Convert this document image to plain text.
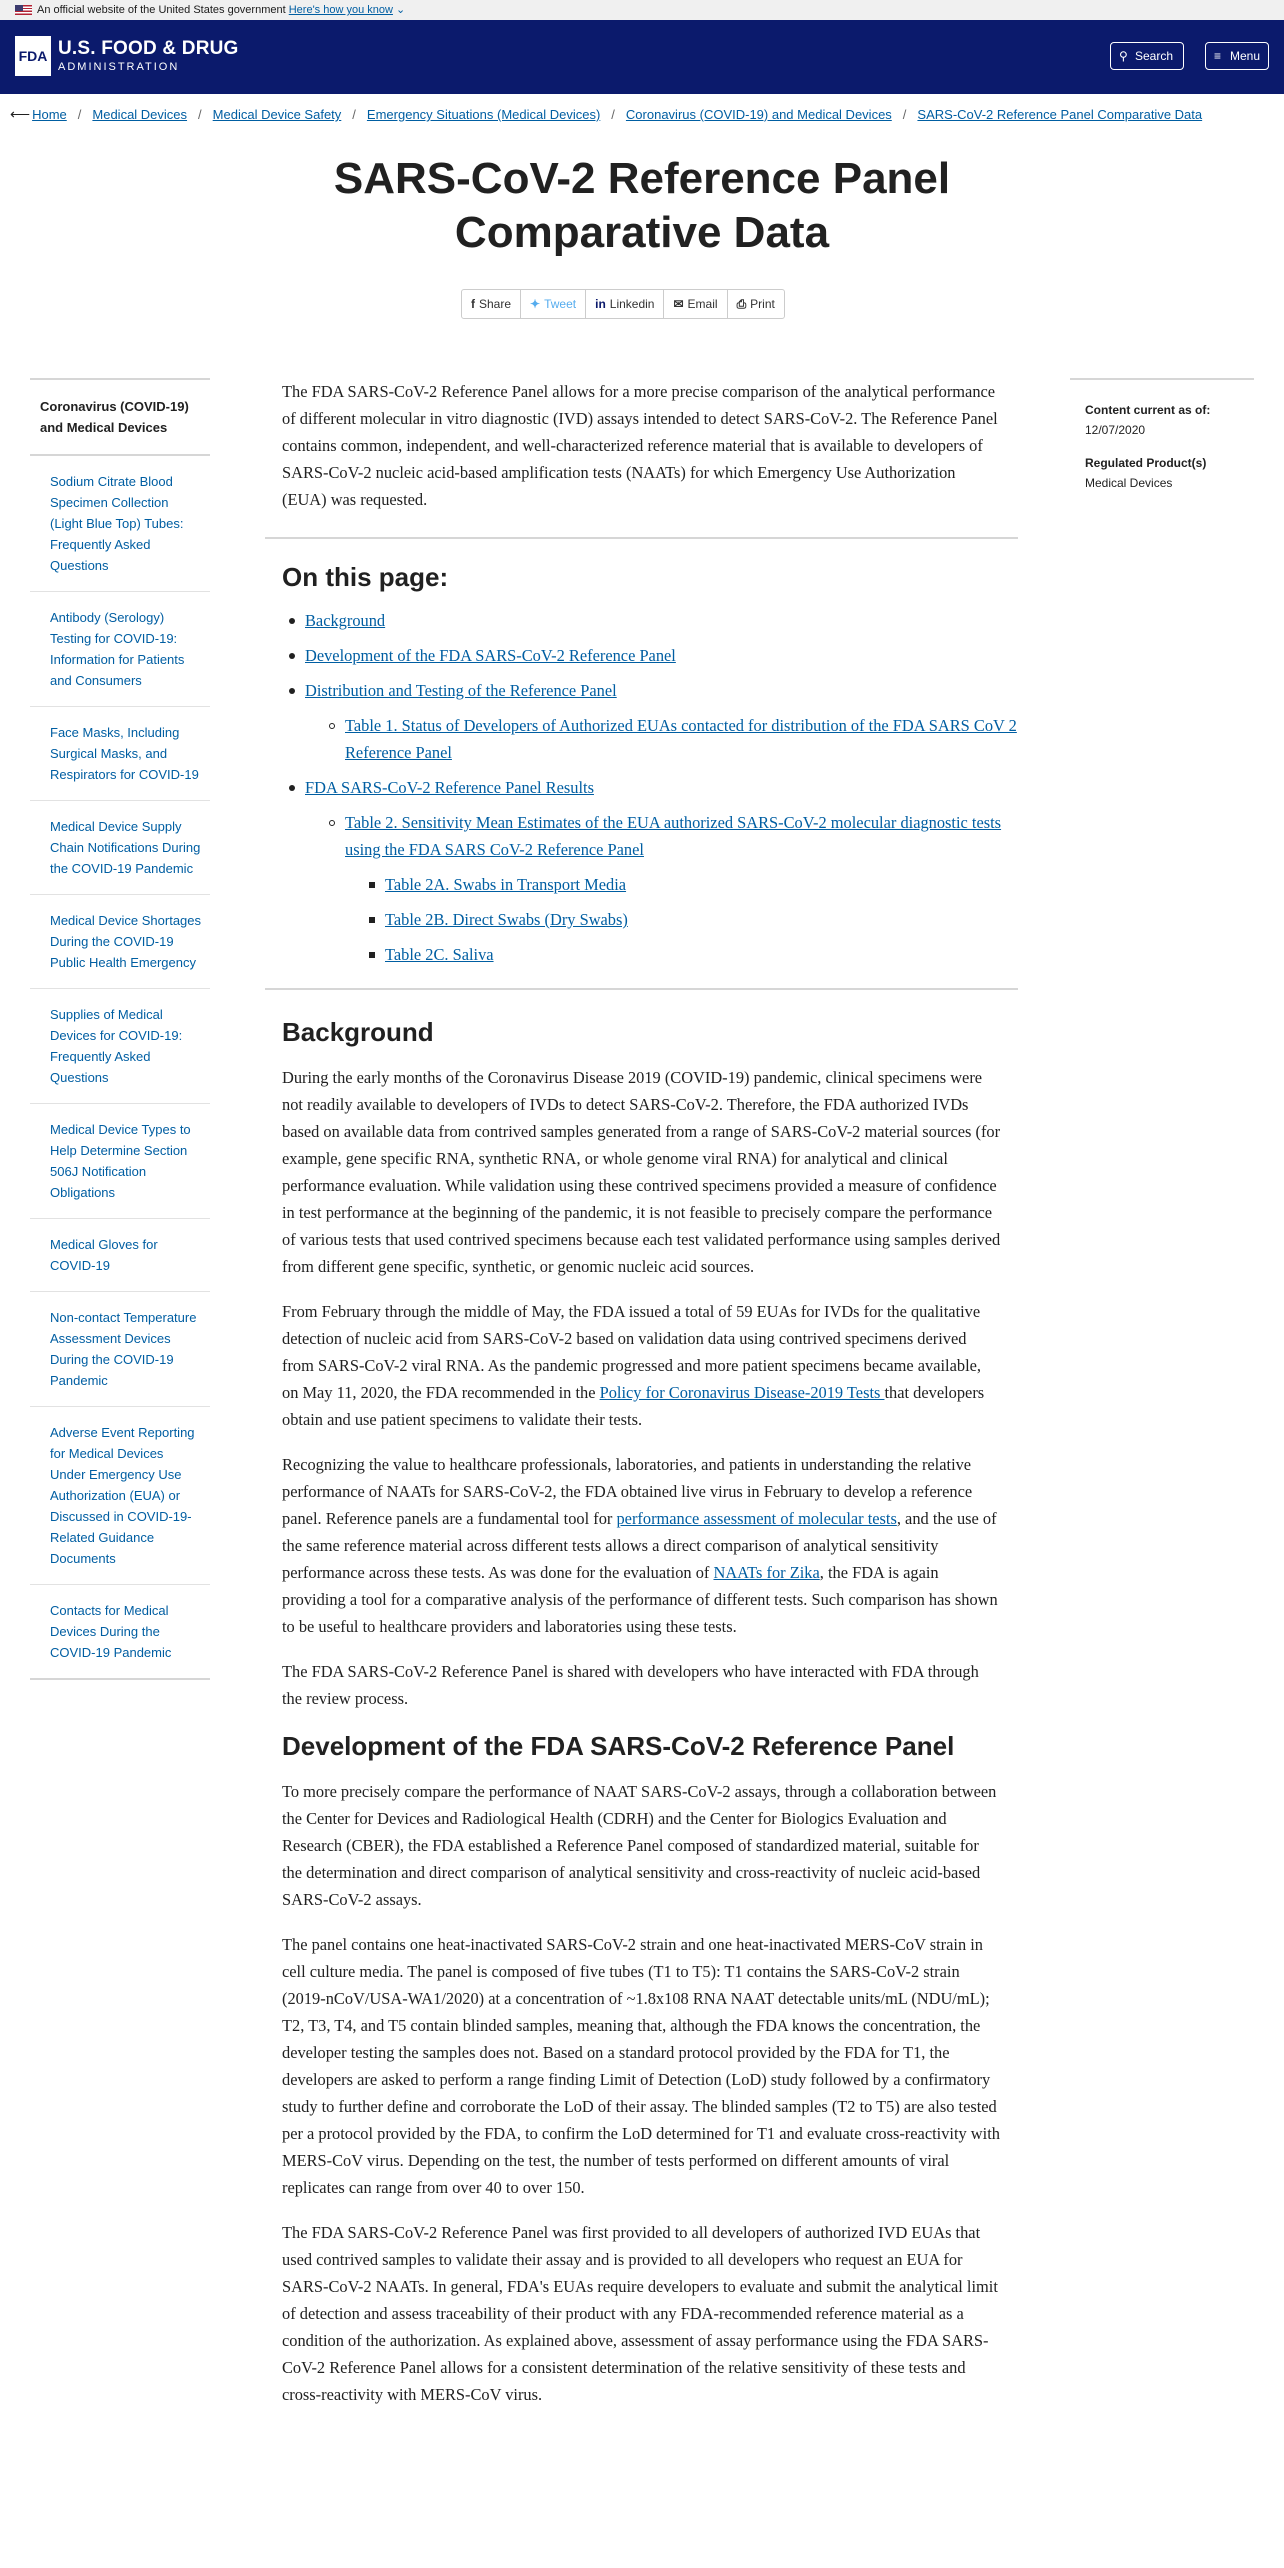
An official website of the United States government Here's how you know ⌄
FDA U.S. FOOD & DRUG
ADMINISTRATION
⚲ Search	≡ Menu
⟵ Home / Medical Devices / Medical Device Safety / Emergency Situations (Medical Devices) / Coronavirus (COVID-19) and Medical Devices / SARS-CoV-2 Reference Panel Comparative Data
SARS-CoV-2 Reference Panel Comparative Data
f Share	✦ Tweet	in Linkedin	✉ Email	⎙ Print
Coronavirus (COVID-19) and Medical Devices
Sodium Citrate Blood Specimen Collection (Light Blue Top) Tubes: Frequently Asked Questions
Antibody (Serology) Testing for COVID-19: Information for Patients and Consumers
Face Masks, Including Surgical Masks, and Respirators for COVID-19
Medical Device Supply Chain Notifications During the COVID-19 Pandemic
Medical Device Shortages During the COVID-19 Public Health Emergency
Supplies of Medical Devices for COVID-19: Frequently Asked Questions
Medical Device Types to Help Determine Section 506J Notification Obligations
Medical Gloves for COVID-19
Non-contact Temperature Assessment Devices During the COVID-19 Pandemic
Adverse Event Reporting for Medical Devices Under Emergency Use Authorization (EUA) or Discussed in COVID-19-Related Guidance Documents
Contacts for Medical Devices During the COVID-19 Pandemic

The FDA SARS-CoV-2 Reference Panel allows for a more precise comparison of the analytical performance of different molecular in vitro diagnostic (IVD) assays intended to detect SARS-CoV-2. The Reference Panel contains common, independent, and well-characterized reference material that is available to developers of SARS-CoV-2 nucleic acid-based amplification tests (NAATs) for which Emergency Use Authorization (EUA) was requested.

On this page:
Background
Development of the FDA SARS-CoV-2 Reference Panel
Distribution and Testing of the Reference Panel
Table 1. Status of Developers of Authorized EUAs contacted for distribution of the FDA SARS CoV 2 Reference Panel
FDA SARS-CoV-2 Reference Panel Results
Table 2. Sensitivity Mean Estimates of the EUA authorized SARS-CoV-2 molecular diagnostic tests using the FDA SARS CoV-2 Reference Panel
Table 2A. Swabs in Transport Media
Table 2B. Direct Swabs (Dry Swabs)
Table 2C. Saliva
Background

During the early months of the Coronavirus Disease 2019 (COVID-19) pandemic, clinical specimens were not readily available to developers of IVDs to detect SARS-CoV-2. Therefore, the FDA authorized IVDs based on available data from contrived samples generated from a range of SARS-CoV-2 material sources (for example, gene specific RNA, synthetic RNA, or whole genome viral RNA) for analytical and clinical performance evaluation. While validation using these contrived specimens provided a measure of confidence in test performance at the beginning of the pandemic, it is not feasible to precisely compare the performance of various tests that used contrived specimens because each test validated performance using samples derived from different gene specific, synthetic, or genomic nucleic acid sources.

From February through the middle of May, the FDA issued a total of 59 EUAs for IVDs for the qualitative detection of nucleic acid from SARS-CoV-2 based on validation data using contrived specimens derived from SARS-CoV-2 viral RNA. As the pandemic progressed and more patient specimens became available, on May 11, 2020, the FDA recommended in the Policy for Coronavirus Disease-2019 Tests that developers obtain and use patient specimens to validate their tests.

Recognizing the value to healthcare professionals, laboratories, and patients in understanding the relative performance of NAATs for SARS-CoV-2, the FDA obtained live virus in February to develop a reference panel. Reference panels are a fundamental tool for performance assessment of molecular tests, and the use of the same reference material across different tests allows a direct comparison of analytical sensitivity performance across these tests. As was done for the evaluation of NAATs for Zika, the FDA is again providing a tool for a comparative analysis of the performance of different tests. Such comparison has shown to be useful to healthcare providers and laboratories using these tests.

The FDA SARS-CoV-2 Reference Panel is shared with developers who have interacted with FDA through the review process.

Development of the FDA SARS-CoV-2 Reference Panel

To more precisely compare the performance of NAAT SARS-CoV-2 assays, through a collaboration between the Center for Devices and Radiological Health (CDRH) and the Center for Biologics Evaluation and Research (CBER), the FDA established a Reference Panel composed of standardized material, suitable for the determination and direct comparison of analytical sensitivity and cross-reactivity of nucleic acid-based SARS-CoV-2 assays.

The panel contains one heat-inactivated SARS-CoV-2 strain and one heat-inactivated MERS-CoV strain in cell culture media. The panel is composed of five tubes (T1 to T5): T1 contains the SARS-CoV-2 strain (2019-nCoV/USA-WA1/2020) at a concentration of ~1.8x108 RNA NAAT detectable units/mL (NDU/mL); T2, T3, T4, and T5 contain blinded samples, meaning that, although the FDA knows the concentration, the developer testing the samples does not. Based on a standard protocol provided by the FDA for T1, the developers are asked to perform a range finding Limit of Detection (LoD) study followed by a confirmatory study to further define and corroborate the LoD of their assay. The blinded samples (T2 to T5) are also tested per a protocol provided by the FDA, to confirm the LoD determined for T1 and evaluate cross-reactivity with MERS-CoV virus. Depending on the test, the number of tests performed on different amounts of viral replicates can range from over 40 to over 150.

The FDA SARS-CoV-2 Reference Panel was first provided to all developers of authorized IVD EUAs that used contrived samples to validate their assay and is provided to all developers who request an EUA for SARS-CoV-2 NAATs. In general, FDA's EUAs require developers to evaluate and submit the analytical limit of detection and assess traceability of their product with any FDA-recommended reference material as a condition of the authorization. As explained above, assessment of assay performance using the FDA SARS-CoV-2 Reference Panel allows for a consistent determination of the relative sensitivity of these tests and cross-reactivity with MERS-CoV virus.

Content current as of:
12/07/2020
Regulated Product(s)
Medical Devices
